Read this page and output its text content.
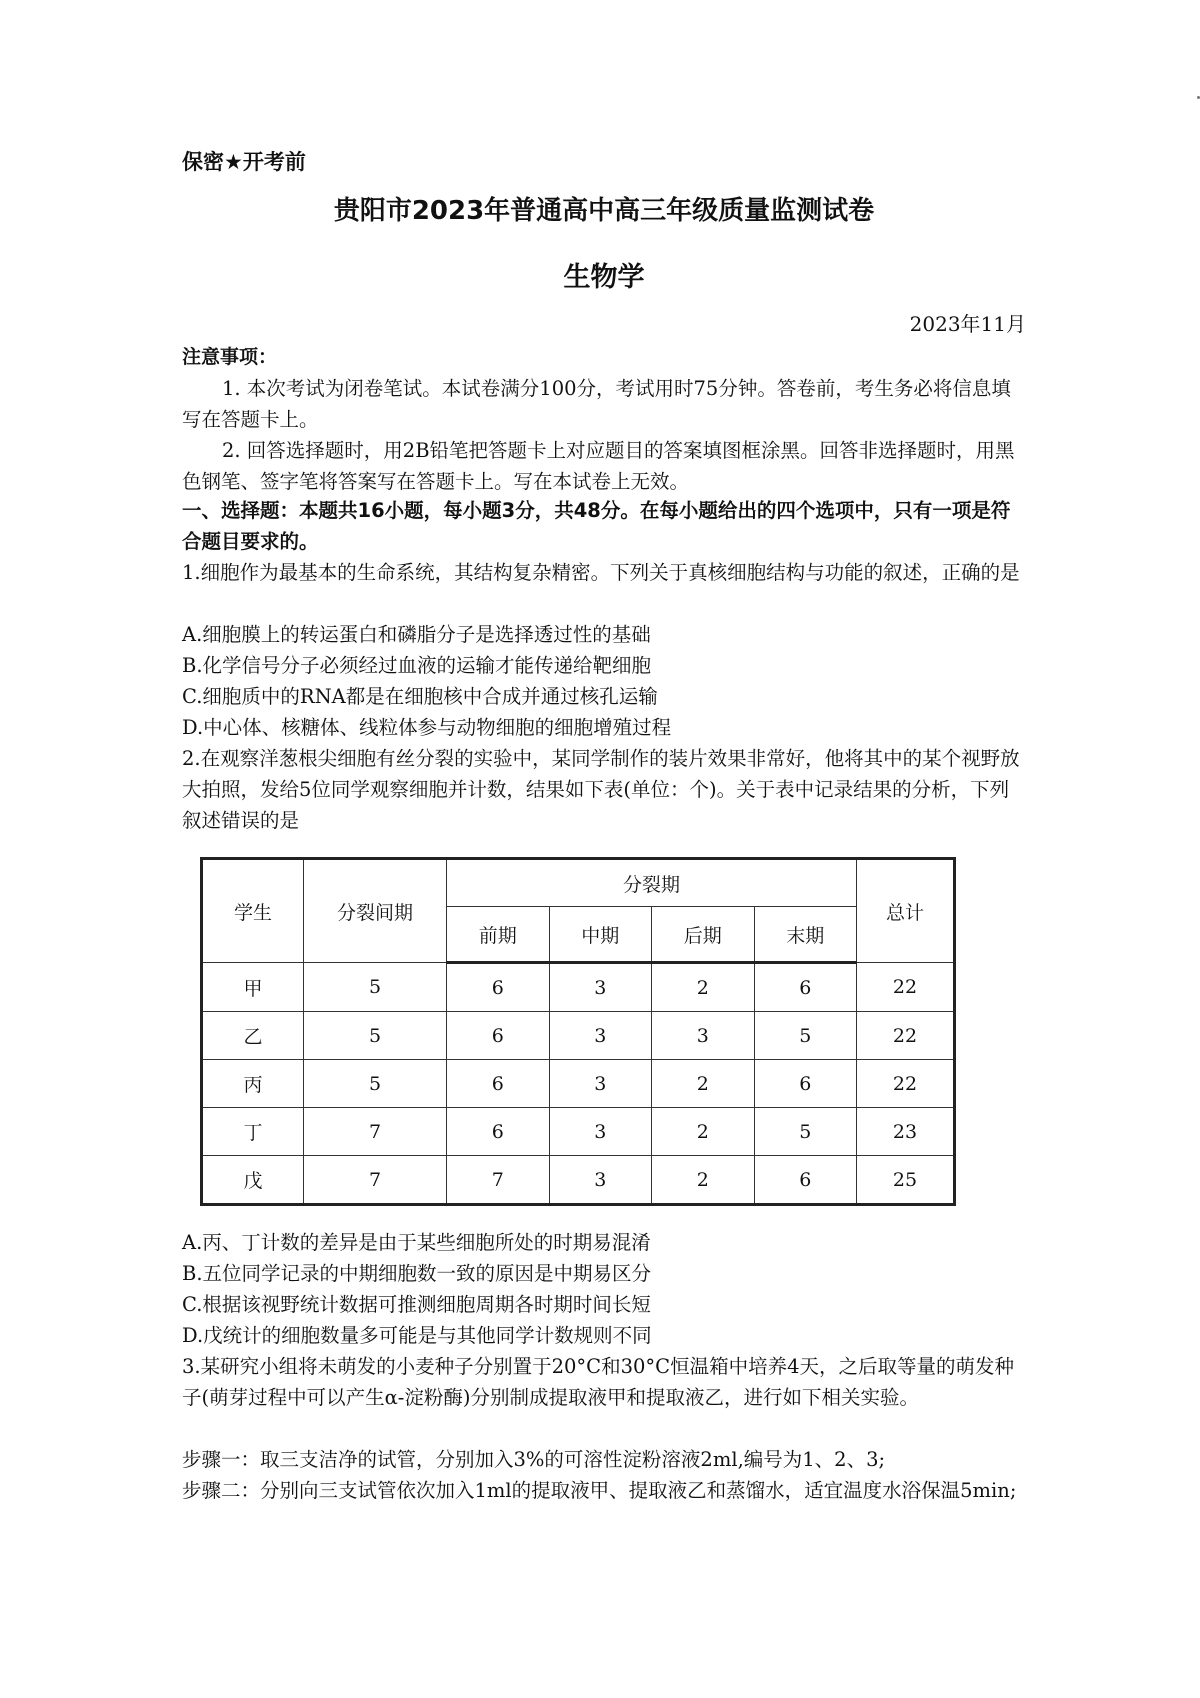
保密★开考前
贵阳市2023年普通高中高三年级质量监测试卷
生物学
2023年11月
注意事项：
1. 本次考试为闭卷笔试。本试卷满分100分，考试用时75分钟。答卷前，考生务必将信息填写在答题卡上。
2. 回答选择题时，用2B铅笔把答题卡上对应题目的答案填图框涂黑。回答非选择题时，用黑色钢笔、签字笔将答案写在答题卡上。写在本试卷上无效。
一、选择题：本题共16小题，每小题3分，共48分。在每小题给出的四个选项中，只有一项是符合题目要求的。
1.细胞作为最基本的生命系统，其结构复杂精密。下列关于真核细胞结构与功能的叙述，正确的是
A.细胞膜上的转运蛋白和磷脂分子是选择透过性的基础
B.化学信号分子必须经过血液的运输才能传递给靶细胞
C.细胞质中的RNA都是在细胞核中合成并通过核孔运输
D.中心体、核糖体、线粒体参与动物细胞的细胞增殖过程
2.在观察洋葱根尖细胞有丝分裂的实验中，某同学制作的装片效果非常好，他将其中的某个视野放大拍照，发给5位同学观察细胞并计数，结果如下表(单位：个)。关于表中记录结果的分析，下列叙述错误的是
学生	分裂间期	分裂期				总计
		前期	中期	后期	末期	
甲	5	6	3	2	6	22
乙	5	6	3	3	5	22
丙	5	6	3	2	6	22
丁	7	6	3	2	5	23
戊	7	7	3	2	6	25
A.丙、丁计数的差异是由于某些细胞所处的时期易混淆
B.五位同学记录的中期细胞数一致的原因是中期易区分
C.根据该视野统计数据可推测细胞周期各时期时间长短
D.戊统计的细胞数量多可能是与其他同学计数规则不同
3.某研究小组将未萌发的小麦种子分别置于20°C和30°C恒温箱中培养4天，之后取等量的萌发种子(萌芽过程中可以产生α-淀粉酶)分别制成提取液甲和提取液乙，进行如下相关实验。
步骤一：取三支洁净的试管，分别加入3%的可溶性淀粉溶液2ml,编号为1、2、3;
步骤二：分别向三支试管依次加入1ml的提取液甲、提取液乙和蒸馏水，适宜温度水浴保温5min;
